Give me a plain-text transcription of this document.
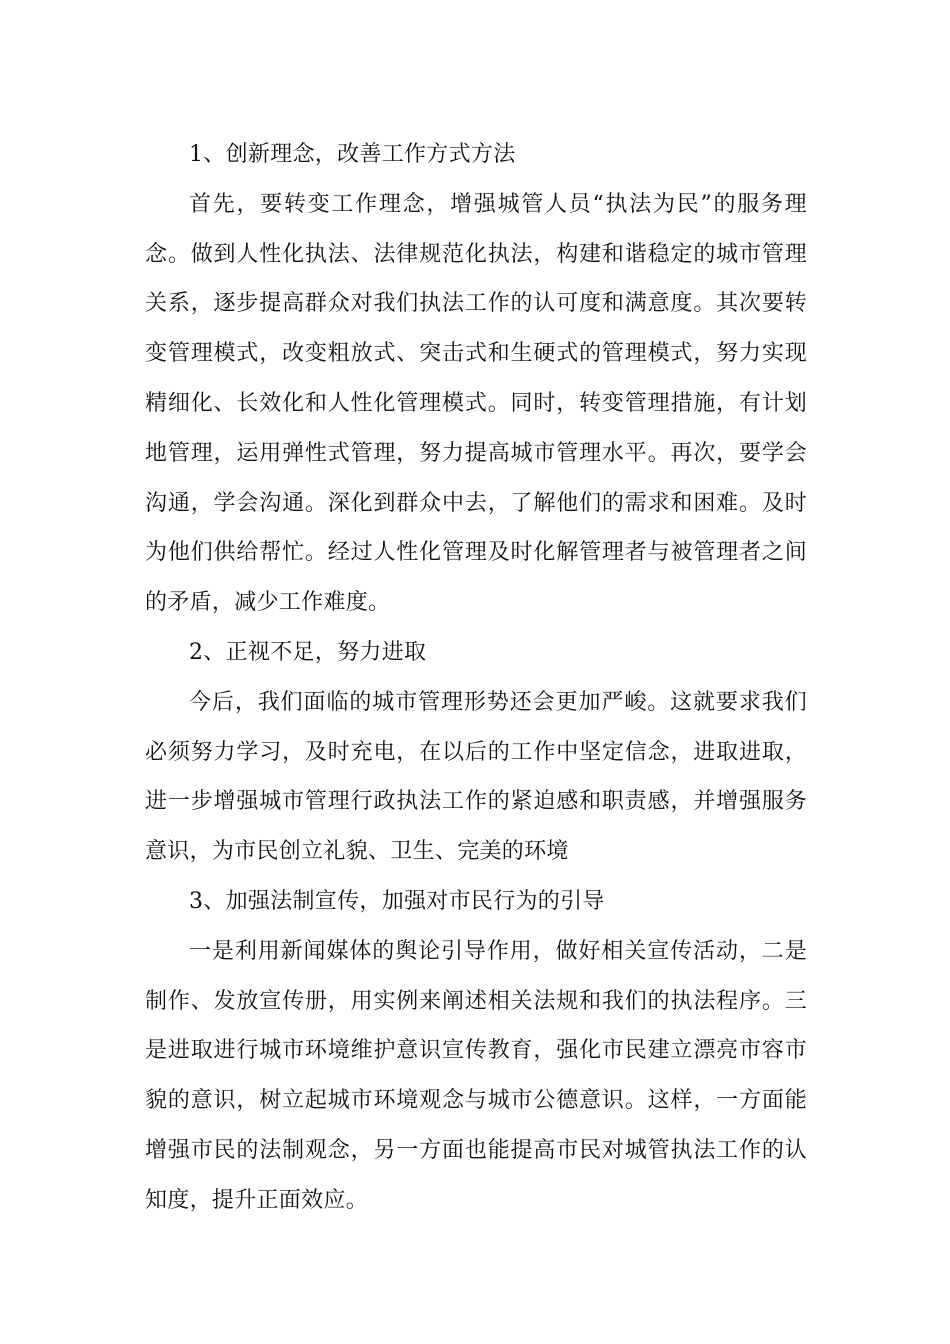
1、创新理念，改善工作方式方法

首先，要转变工作理念，增强城管人员“执法为民”的服务理念。做到人性化执法、法律规范化执法，构建和谐稳定的城市管理关系，逐步提高群众对我们执法工作的认可度和满意度。其次要转变管理模式，改变粗放式、突击式和生硬式的管理模式，努力实现精细化、长效化和人性化管理模式。同时，转变管理措施，有计划地管理，运用弹性式管理，努力提高城市管理水平。再次，要学会沟通，学会沟通。深化到群众中去，了解他们的需求和困难。及时为他们供给帮忙。经过人性化管理及时化解管理者与被管理者之间的矛盾，减少工作难度。

2、正视不足，努力进取

今后，我们面临的城市管理形势还会更加严峻。这就要求我们必须努力学习，及时充电，在以后的工作中坚定信念，进取进取，进一步增强城市管理行政执法工作的紧迫感和职责感，并增强服务意识，为市民创立礼貌、卫生、完美的环境

3、加强法制宣传，加强对市民行为的引导

一是利用新闻媒体的舆论引导作用，做好相关宣传活动，二是制作、发放宣传册，用实例来阐述相关法规和我们的执法程序。三是进取进行城市环境维护意识宣传教育，强化市民建立漂亮市容市貌的意识，树立起城市环境观念与城市公德意识。这样，一方面能增强市民的法制观念，另一方面也能提高市民对城管执法工作的认知度，提升正面效应。
